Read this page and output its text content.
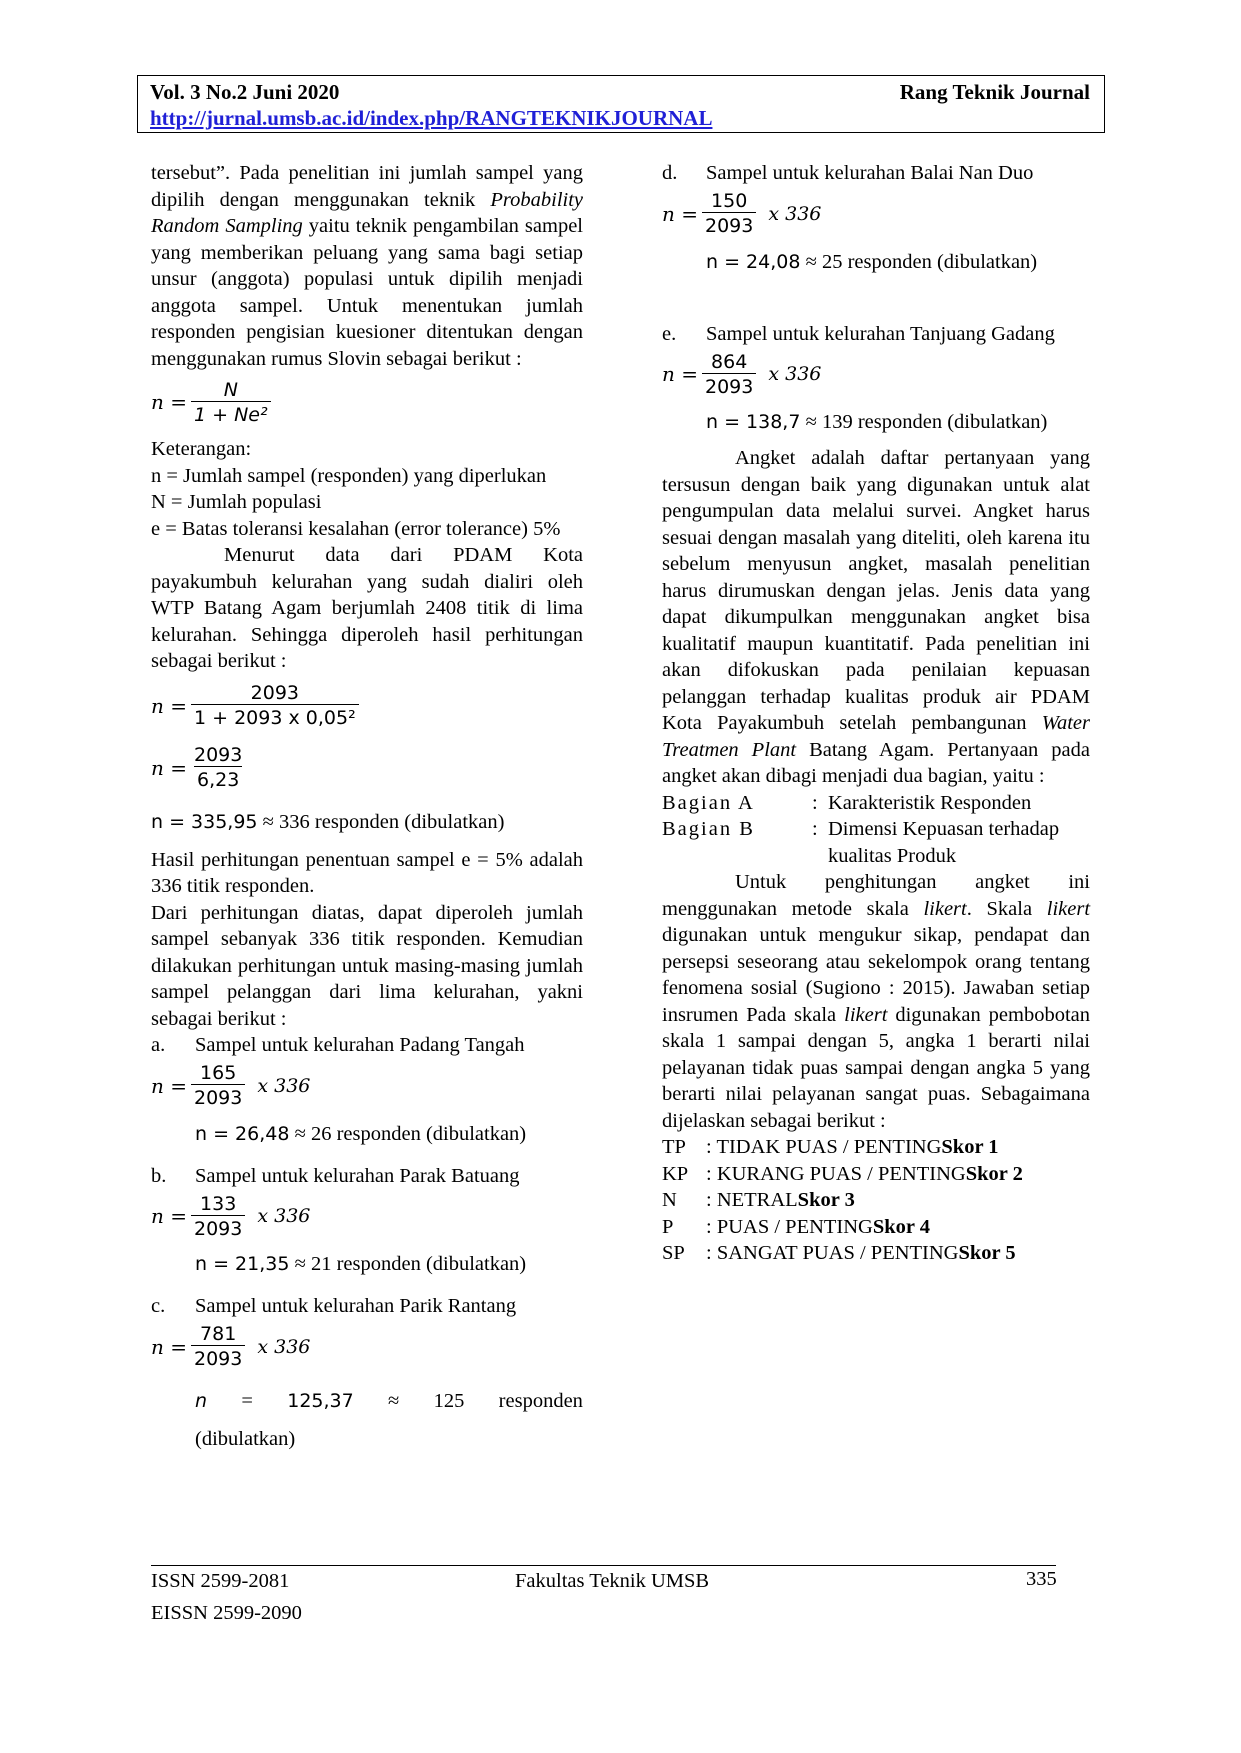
Vol. 3 No.2 Juni 2020	Rang Teknik Journal
http://jurnal.umsb.ac.id/index.php/RANGTEKNIKJOURNAL

tersebut”. Pada penelitian ini jumlah sampel yang dipilih dengan menggunakan teknik Probability Random Sampling yaitu teknik pengambilan sampel yang memberikan peluang yang sama bagi setiap unsur (anggota) populasi untuk dipilih menjadi anggota sampel. Untuk menentukan jumlah responden pengisian kuesioner ditentukan dengan menggunakan rumus Slovin sebagai berikut :

$n = \frac{N}{\text{1 + Ne²}}$

Keterangan:

n = Jumlah sampel (responden) yang diperlukan

N = Jumlah populasi

e = Batas toleransi kesalahan (error tolerance) 5%

Menurut data dari PDAM Kota payakumbuh kelurahan yang sudah dialiri oleh WTP Batang Agam berjumlah 2408 titik di lima kelurahan. Sehingga diperoleh hasil perhitungan sebagai berikut :

$n = \frac{2093}{\text{1 + 2093 x 0,05²}}$
$n = \frac{2093}{6,23}$
n = 335,95 ≈ 336 responden (dibulatkan)

Hasil perhitungan penentuan sampel e = 5% adalah 336 titik responden.

Dari perhitungan diatas, dapat diperoleh jumlah sampel sebanyak 336 titik responden. Kemudian dilakukan perhitungan untuk masing-masing jumlah sampel pelanggan dari lima kelurahan, yakni sebagai berikut :

a.	Sampel untuk kelurahan Padang Tangah
$n = \frac{165}{2093}$ x 336
n = 26,48 ≈ 26 responden (dibulatkan)
b.	Sampel untuk kelurahan Parak Batuang
$n = \frac{133}{2093}$ x 336
n = 21,35 ≈ 21 responden (dibulatkan)
c.	Sampel untuk kelurahan Parik Rantang
$n = \frac{781}{2093}$ x 336
n = 125,37 ≈ 125 responden
(dibulatkan)
d.	Sampel untuk kelurahan Balai Nan Duo
$n = \frac{150}{2093}$ x 336
n = 24,08 ≈ 25 responden (dibulatkan)
e.	Sampel untuk kelurahan Tanjuang Gadang
$n = \frac{864}{2093}$ x 336
n = 138,7 ≈ 139 responden (dibulatkan)

Angket adalah daftar pertanyaan yang tersusun dengan baik yang digunakan untuk alat pengumpulan data melalui survei. Angket harus sesuai dengan masalah yang diteliti, oleh karena itu sebelum menyusun angket, masalah penelitian harus dirumuskan dengan jelas. Jenis data yang dapat dikumpulkan menggunakan angket bisa kualitatif maupun kuantitatif. Pada penelitian ini akan difokuskan pada penilaian kepuasan pelanggan terhadap kualitas produk air PDAM Kota Payakumbuh setelah pembangunan Water Treatmen Plant Batang Agam. Pertanyaan pada angket akan dibagi menjadi dua bagian, yaitu :

Bagian A	: Karakteristik Responden
Bagian B	: Dimensi Kepuasan terhadap kualitas Produk

Untuk penghitungan angket ini menggunakan metode skala likert. Skala likert digunakan untuk mengukur sikap, pendapat dan persepsi seseorang atau sekelompok orang tentang fenomena sosial (Sugiono : 2015). Jawaban setiap insrumen Pada skala likert digunakan pembobotan skala 1 sampai dengan 5, angka 1 berarti nilai pelayanan tidak puas sampai dengan angka 5 yang berarti nilai pelayanan sangat puas. Sebagaimana dijelaskan sebagai berikut :

TP : TIDAK PUAS / PENTING Skor 1
KP : KURANG PUAS / PENTING Skor 2
N	: NETRAL Skor 3
P	: PUAS / PENTING Skor 4
SP	: SANGAT PUAS / PENTING Skor 5
ISSN 2599-2081
EISSN 2599-2090
Fakultas Teknik UMSB	335
